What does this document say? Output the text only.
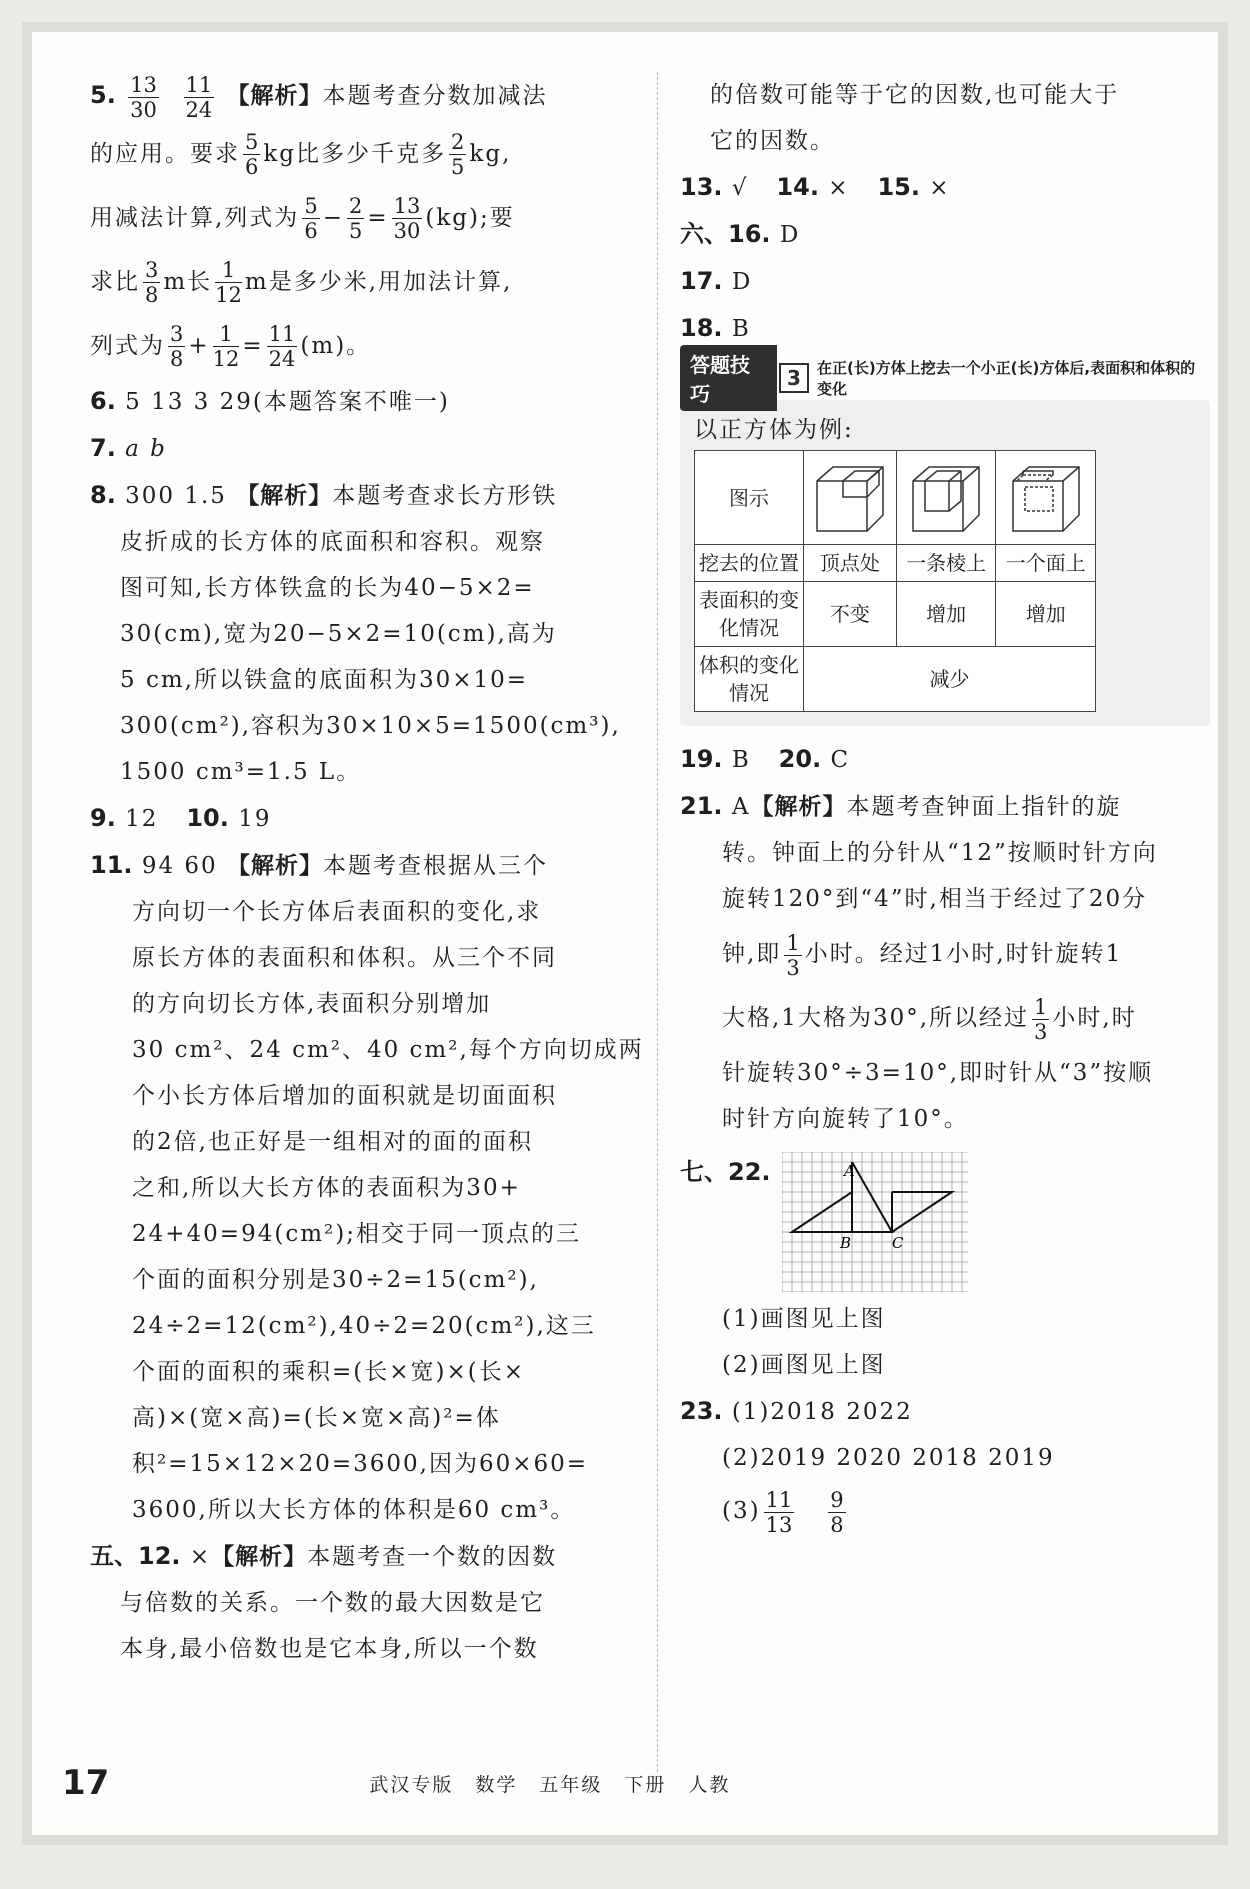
5. $\frac{13}{30}$
$\frac{11}{24}$ 【解析】本题考查分数加减法
的应用。要求 $\frac{5}{6}$ kg比多少千克多 $\frac{2}{5}$ kg,
用减法计算,列式为 $\frac{5}{6} - \frac{2}{5} = \frac{13}{30} (kg)$;要
求比 $\frac{3}{8}$ m长 $\frac{1}{12}$ m是多少米,用加法计算,
列式为 $\frac{3}{8} + \frac{1}{12} = \frac{11}{24} (m)$。
6. 5 13 3 29(本题答案不唯一)
7. a b
8. 300 1.5 【解析】本题考查求长方形铁
皮折成的长方体的底面积和容积。观察
图可知,长方体铁盒的长为40−5×2=
30(cm),宽为20−5×2=10(cm),高为
5 cm,所以铁盒的底面积为30×10=
300(cm²),容积为30×10×5=1500(cm³),
1500 cm³=1.5 L。
9. 12 10. 19
11. 94 60 【解析】本题考查根据从三个
方向切一个长方体后表面积的变化,求
原长方体的表面积和体积。从三个不同
的方向切长方体,表面积分别增加
30 cm²、24 cm²、40 cm²,每个方向切成两
个小长方体后增加的面积就是切面面积
的2倍,也正好是一组相对的面的面积
之和,所以大长方体的表面积为30+
24+40=94(cm²);相交于同一顶点的三
个面的面积分别是30÷2=15(cm²),
24÷2=12(cm²),40÷2=20(cm²),这三
个面的面积的乘积=(长×宽)×(长×
高)×(宽×高)=(长×宽×高)²=体
积²=15×12×20=3600,因为60×60=
3600,所以大长方体的体积是60 cm³。
五、12. ×【解析】本题考查一个数的因数
与倍数的关系。一个数的最大因数是它
本身,最小倍数也是它本身,所以一个数
的倍数可能等于它的因数,也可能大于
它的因数。
13. √ 14. × 15. ×
六、16. D
17. D
18. B
答题技巧
3	在正(长)方体上挖去一个小正(长)方体后,表面积和体积的变化
以正方体为例:
图示	

挖去的位置	顶点处	一条棱上	一个面上
表面积的变化情况	不变	增加	增加
体积的变化情况	减少		
19. B 20. C
21. A【解析】本题考查钟面上指针的旋
转。钟面上的分针从“12”按顺时针方向
旋转120°到“4”时,相当于经过了20分
钟,即 $\frac{1}{3}$ 小时。经过1小时,时针旋转1
大格,1大格为30°,所以经过 $\frac{1}{3}$ 小时,时
针旋转30°÷3=10°,即时针从“3”按顺
时针方向旋转了10°。
七、22.	A
B	C
(1)画图见上图
(2)画图见上图
23. (1)2018 2022
(2)2019 2020 2018 2019
$(3) \frac{11}{13}$
$\frac{9}{8}$
17	武汉专版 数学 五年级 下册 人教
